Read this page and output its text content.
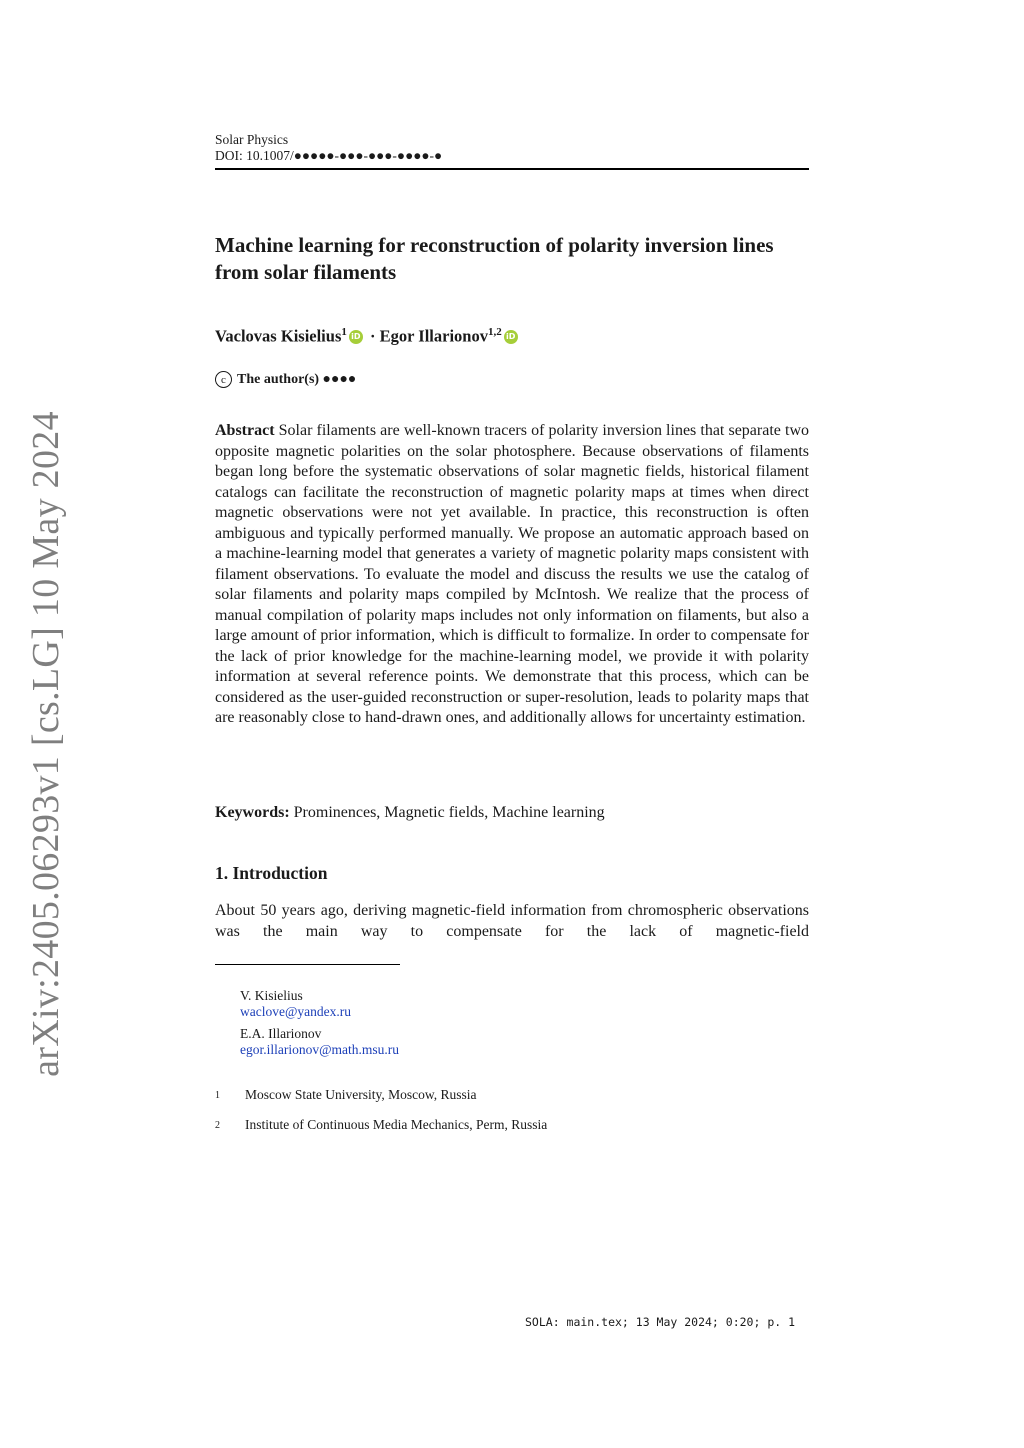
arXiv:2405.06293v1 [cs.LG] 10 May 2024
Solar Physics
DOI: 10.1007/●●●●●-●●●-●●●-●●●●-●
Machine learning for reconstruction of polarity inversion lines from solar filaments
Vaclovas Kisielius$^1$ iD · Egor Illarionov$^{1,2}$ iD
c The author(s) ●●●●
Abstract Solar filaments are well-known tracers of polarity inversion lines that separate two opposite magnetic polarities on the solar photosphere. Because observations of filaments began long before the systematic observations of solar magnetic fields, historical filament catalogs can facilitate the reconstruction of magnetic polarity maps at times when direct magnetic observations were not yet available. In practice, this reconstruction is often ambiguous and typically performed manually. We propose an automatic approach based on a machine-learning model that generates a variety of magnetic polarity maps consistent with filament observations. To evaluate the model and discuss the results we use the catalog of solar filaments and polarity maps compiled by McIntosh. We realize that the process of manual compilation of polarity maps includes not only information on filaments, but also a large amount of prior information, which is difficult to formalize. In order to compensate for the lack of prior knowledge for the machine-learning model, we provide it with polarity information at several reference points. We demonstrate that this process, which can be considered as the user-guided reconstruction or super-resolution, leads to polarity maps that are reasonably close to hand-drawn ones, and additionally allows for uncertainty estimation.
Keywords: Prominences, Magnetic fields, Machine learning
1. Introduction
About 50 years ago, deriving magnetic-field information from chromospheric observations was the main way to compensate for the lack of magnetic-field
V. Kisielius
waclove@yandex.ru
E.A. Illarionov
egor.illarionov@math.msu.ru
1 Moscow State University, Moscow, Russia
2 Institute of Continuous Media Mechanics, Perm, Russia
SOLA: main.tex; 13 May 2024; 0:20; p. 1
